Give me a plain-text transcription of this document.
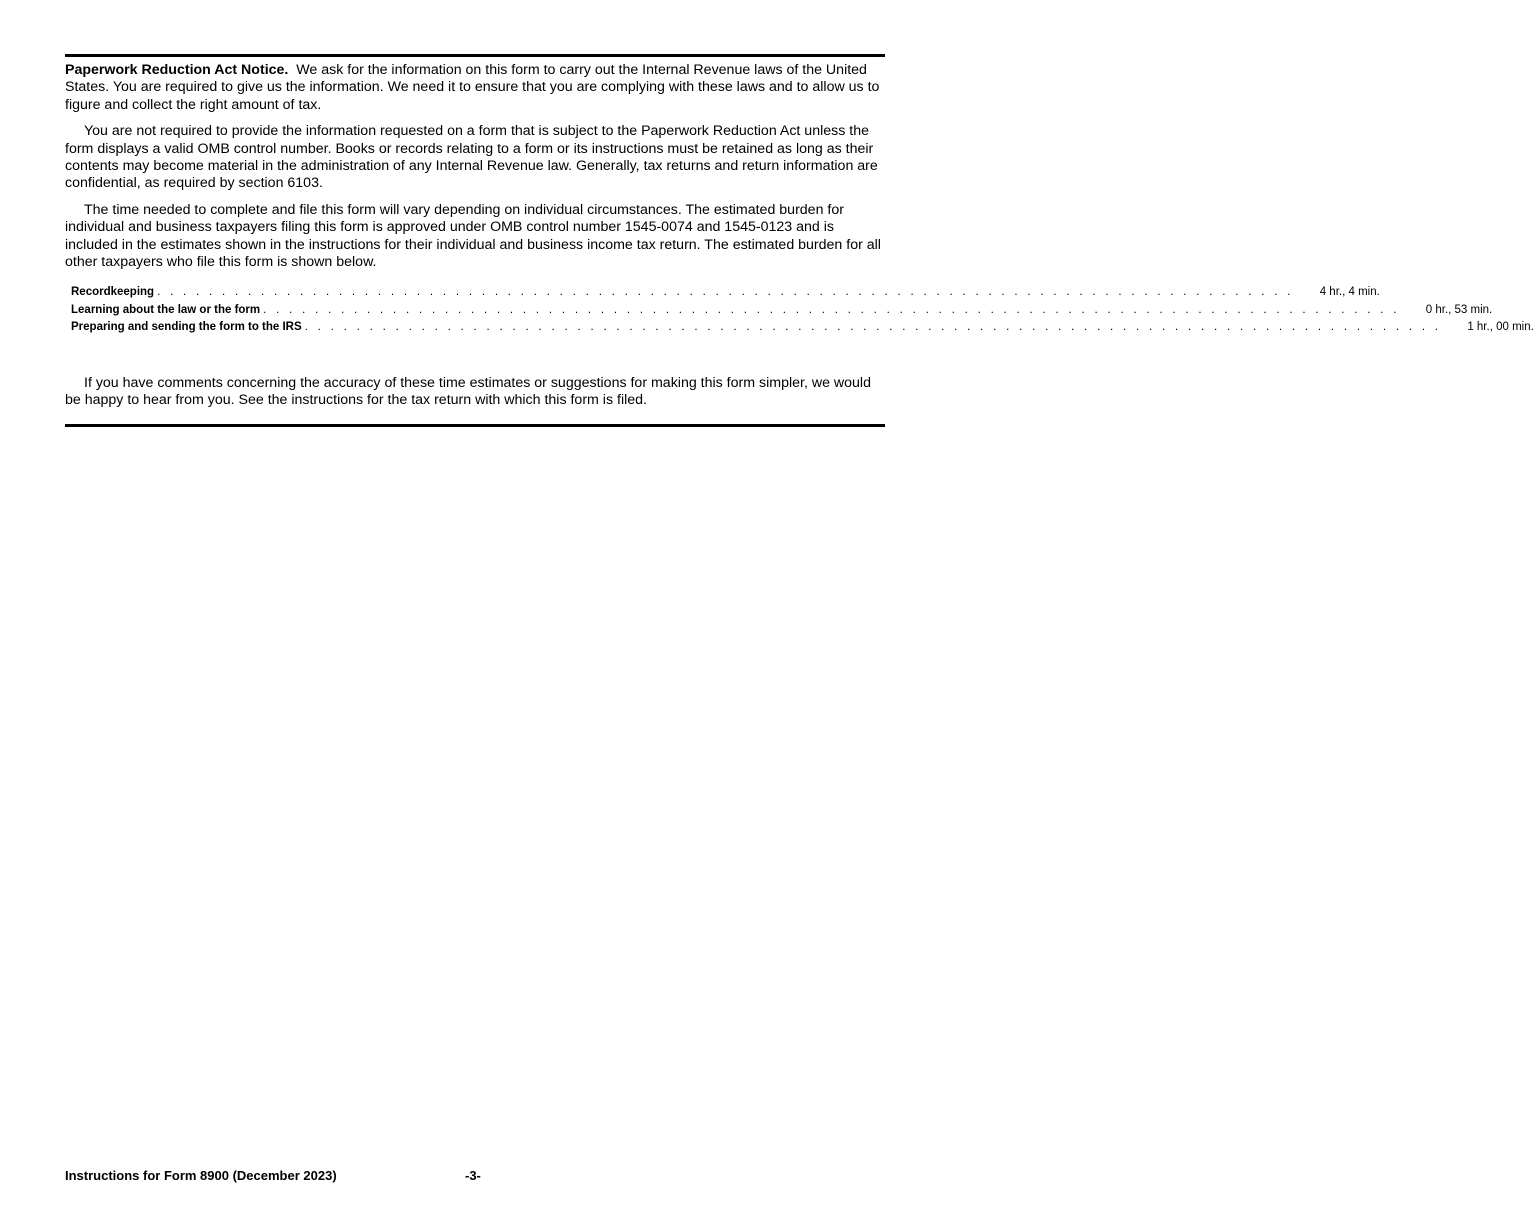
Paperwork Reduction Act Notice. We ask for the information on this form to carry out the Internal Revenue laws of the United States. You are required to give us the information. We need it to ensure that you are complying with these laws and to allow us to figure and collect the right amount of tax.

You are not required to provide the information requested on a form that is subject to the Paperwork Reduction Act unless the form displays a valid OMB control number. Books or records relating to a form or its instructions must be retained as long as their contents may become material in the administration of any Internal Revenue law. Generally, tax returns and return information are confidential, as required by section 6103.

The time needed to complete and file this form will vary depending on individual circumstances. The estimated burden for individual and business taxpayers filing this form is approved under OMB control number 1545-0074 and 1545-0123 and is included in the estimates shown in the instructions for their individual and business income tax return. The estimated burden for all other taxpayers who file this form is shown below.

Recordkeeping . . . . . . . . . . . . . . . . . . . . . . . . . . . . . . . . . . . . . . . . . . . . . . . . . . . . . . . . . . . . . . . . . . . . . . . . . . . . . . . . . . . . . . . . 4 hr., 4 min.
Learning about the law or the form . . . . . . . . . . . . . . . . . . . . . . . . . . . . . . . . . . . . . . . . . . . . . . . . . . . . . . . . . . . . . . . . . . . . . . . . . . . . . . . . . . . . . . . . 0 hr., 53 min.
Preparing and sending the form to the IRS . . . . . . . . . . . . . . . . . . . . . . . . . . . . . . . . . . . . . . . . . . . . . . . . . . . . . . . . . . . . . . . . . . . . . . . . . . . . . . . . . . . . . . . . 1 hr., 00 min.

If you have comments concerning the accuracy of these time estimates or suggestions for making this form simpler, we would be happy to hear from you. See the instructions for the tax return with which this form is filed.

Instructions for Form 8900 (December 2023)	-3-
